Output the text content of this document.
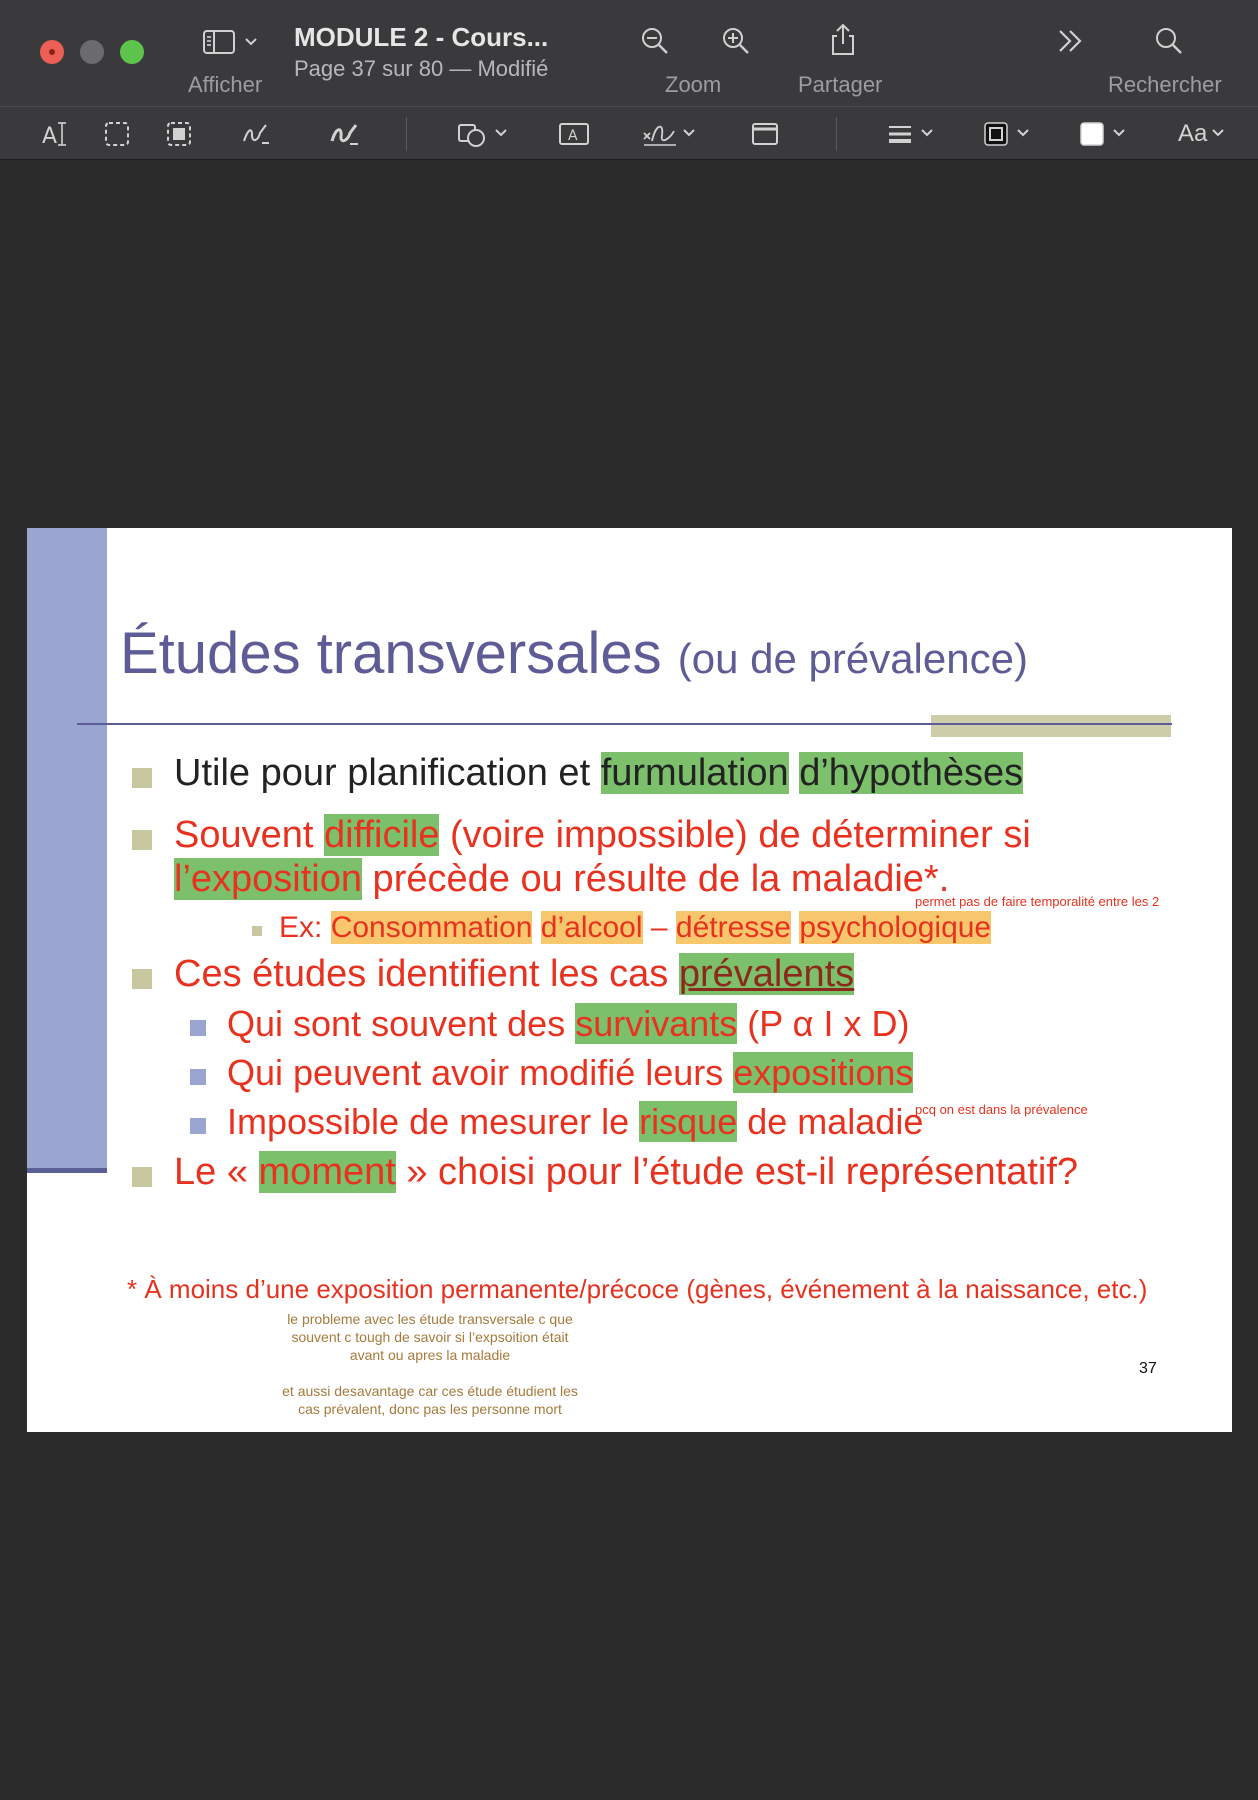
Afficher
MODULE 2 - Cours...
Page 37 sur 80 — Modifié
Zoom	Partager	Rechercher
A	A	Aa
Études transversales (ou de prévalence)
Utile pour planification et furmulation d’hypothèses
Souvent difficile (voire impossible) de déterminer si
l’exposition précède ou résulte de la maladie*.
permet pas de faire temporalité entre les 2
Ex: Consommation d’alcool – détresse psychologique
Ces études identifient les cas prévalents
Qui sont souvent des survivants (P α I x D)
Qui peuvent avoir modifié leurs expositions
Impossible de mesurer le risque de maladie
pcq on est dans la prévalence
Le « moment » choisi pour l’étude est-il représentatif?
* À moins d’une exposition permanente/précoce (gènes, événement à la naissance, etc.)
le probleme avec les étude transversale c que souvent c tough de savoir si l’expsoition était avant ou apres la maladie
et aussi desavantage car ces étude étudient les cas prévalent, donc pas les personne mort
37
